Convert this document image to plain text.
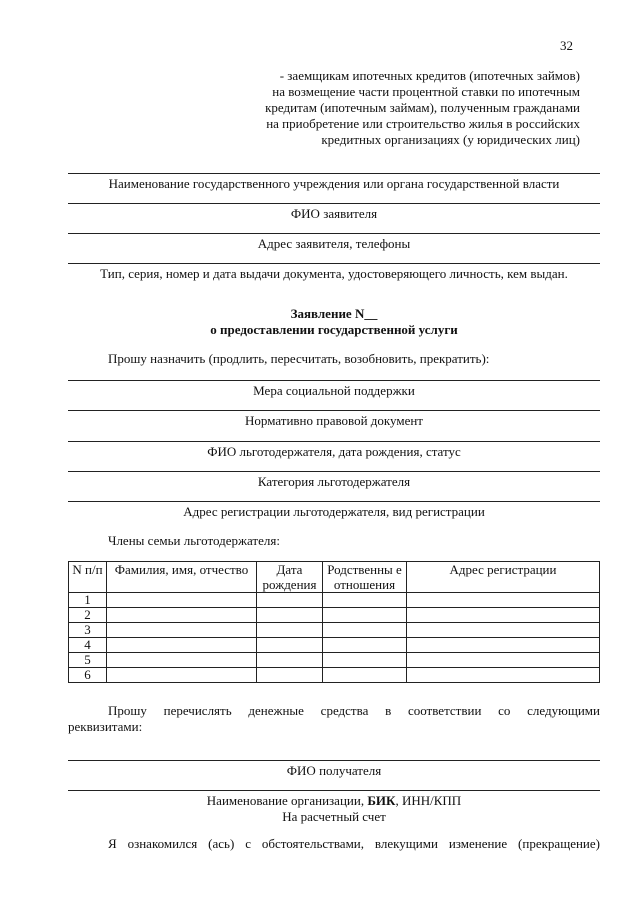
32
- заемщикам ипотечных кредитов (ипотечных займов)
на возмещение части процентной ставки по ипотечным
кредитам (ипотечным займам), полученным гражданами
на приобретение или строительство жилья в российских
кредитных организациях (у юридических лиц)
Наименование государственного учреждения или органа государственной власти
ФИО заявителя
Адрес заявителя, телефоны
Тип, серия, номер и дата выдачи документа, удостоверяющего личность, кем выдан.
Заявление N__
о предоставлении государственной услуги
Прошу назначить (продлить, пересчитать, возобновить, прекратить):
Мера социальной поддержки
Нормативно правовой документ
ФИО льготодержателя, дата рождения, статус
Категория льготодержателя
Адрес регистрации льготодержателя, вид регистрации
Члены семьи льготодержателя:
N п/п	Фамилия, имя, отчество	Дата рождения	Родственны е отношения	Адрес регистрации
1				
2				
3				
4				
5				
6				
Прошу перечислять денежные средства в соответствии со следующими
реквизитами:
ФИО получателя
Наименование организации, БИК, ИНН/КПП
На расчетный счет
Я ознакомился (ась) с обстоятельствами, влекущими изменение (прекращение)
